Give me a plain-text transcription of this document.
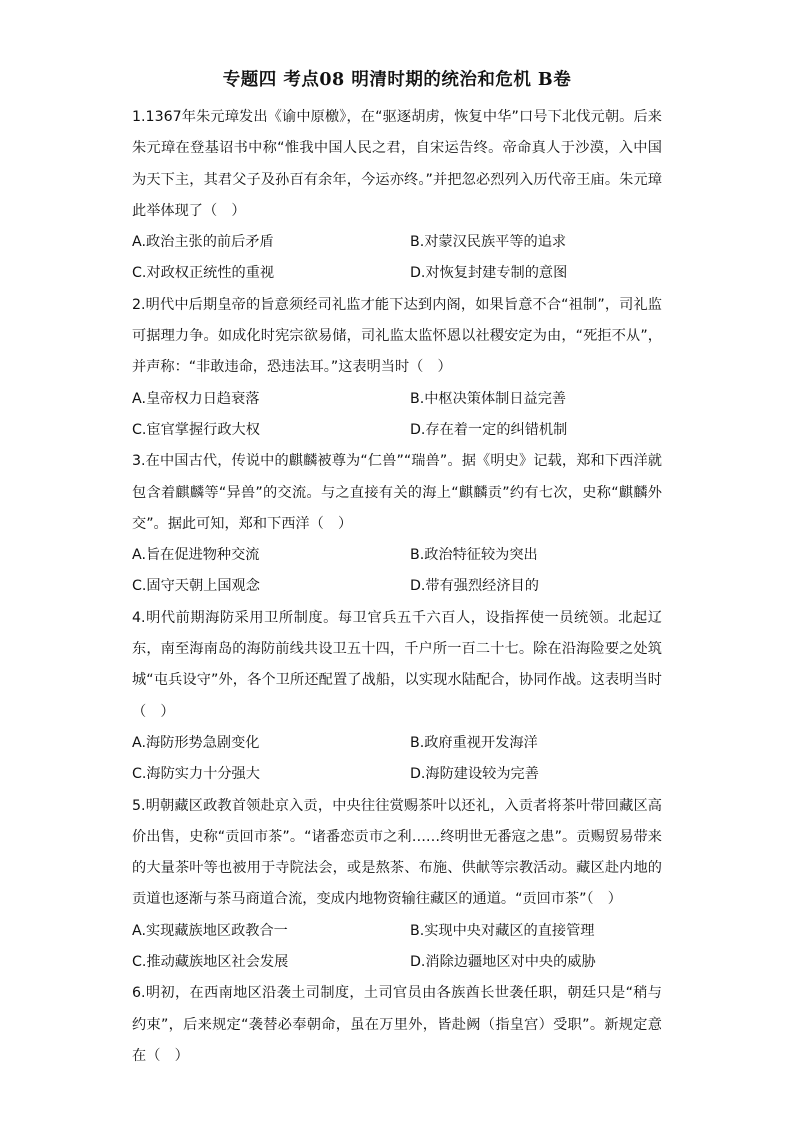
专题四 考点08 明清时期的统治和危机 B卷

1.1367年朱元璋发出《谕中原檄》，在“驱逐胡虏，恢复中华”口号下北伐元朝。后来朱元璋在登基诏书中称“惟我中国人民之君，自宋运告终。帝命真人于沙漠，入中国为天下主，其君父子及孙百有余年，今运亦终。”并把忽必烈列入历代帝王庙。朱元璋此举体现了（　）

A.政治主张的前后矛盾	B.对蒙汉民族平等的追求
C.对政权正统性的重视	D.对恢复封建专制的意图

2.明代中后期皇帝的旨意须经司礼监才能下达到内阁，如果旨意不合“祖制”，司礼监可据理力争。如成化时宪宗欲易储，司礼监太监怀恩以社稷安定为由，“死拒不从”，并声称：“非敢违命，恐违法耳。”这表明当时（　）

A.皇帝权力日趋衰落	B.中枢决策体制日益完善
C.宦官掌握行政大权	D.存在着一定的纠错机制

3.在中国古代，传说中的麒麟被尊为“仁兽”“瑞兽”。据《明史》记载，郑和下西洋就包含着麒麟等“异兽”的交流。与之直接有关的海上“麒麟贡”约有七次，史称“麒麟外交”。据此可知，郑和下西洋（　）

A.旨在促进物种交流	B.政治特征较为突出
C.固守天朝上国观念	D.带有强烈经济目的

4.明代前期海防采用卫所制度。每卫官兵五千六百人，设指挥使一员统领。北起辽东，南至海南岛的海防前线共设卫五十四，千户所一百二十七。除在沿海险要之处筑城“屯兵设守”外，各个卫所还配置了战船，以实现水陆配合，协同作战。这表明当时（　）

A.海防形势急剧变化	B.政府重视开发海洋
C.海防实力十分强大	D.海防建设较为完善

5.明朝藏区政教首领赴京入贡，中央往往赏赐茶叶以还礼，入贡者将茶叶带回藏区高价出售，史称“贡回市茶”。“诸番恋贡市之利……终明世无番寇之患”。贡赐贸易带来的大量茶叶等也被用于寺院法会，或是熬茶、布施、供献等宗教活动。藏区赴内地的贡道也逐渐与茶马商道合流，变成内地物资输往藏区的通道。“贡回市茶”（　）

A.实现藏族地区政教合一	B.实现中央对藏区的直接管理
C.推动藏族地区社会发展	D.消除边疆地区对中央的威胁

6.明初，在西南地区沿袭土司制度，土司官员由各族酋长世袭任职，朝廷只是“稍与约束”，后来规定“袭替必奉朝命，虽在万里外，皆赴阙（指皇宫）受职”。新规定意在（　）
